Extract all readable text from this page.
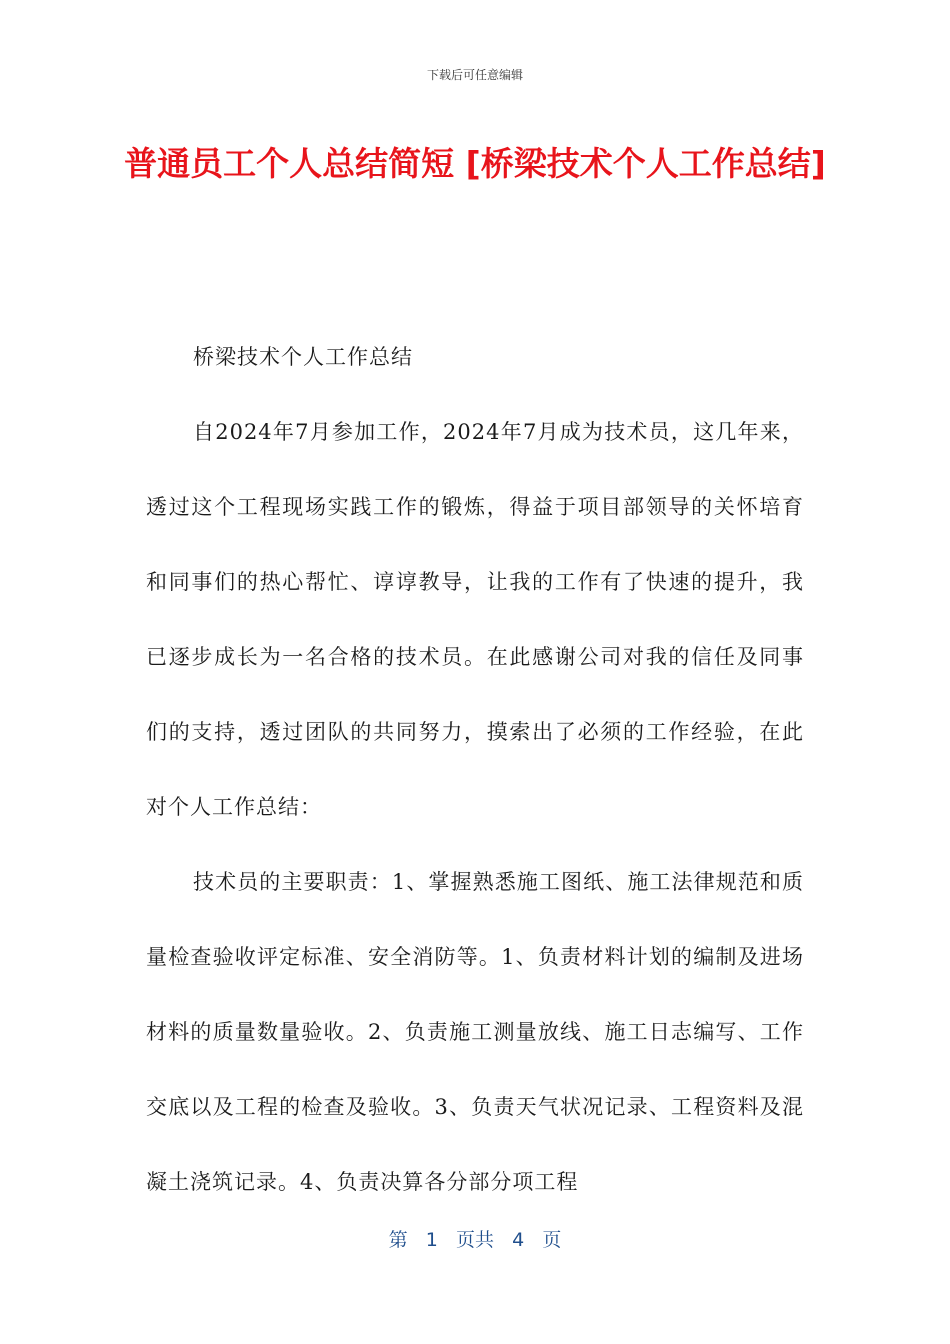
下载后可任意编辑
普通员工个人总结简短 [桥梁技术个人工作总结]

桥梁技术个人工作总结

自2024年7月参加工作，2024年7月成为技术员，这几年来，透过这个工程现场实践工作的锻炼，得益于项目部领导的关怀培育和同事们的热心帮忙、谆谆教导，让我的工作有了快速的提升，我已逐步成长为一名合格的技术员。在此感谢公司对我的信任及同事们的支持，透过团队的共同努力，摸索出了必须的工作经验，在此对个人工作总结：

技术员的主要职责：1、掌握熟悉施工图纸、施工法律规范和质量检查验收评定标准、安全消防等。1、负责材料计划的编制及进场材料的质量数量验收。2、负责施工测量放线、施工日志编写、工作交底以及工程的检查及验收。3、负责天气状况记录、工程资料及混凝土浇筑记录。4、负责决算各分部分项工程

第 1 页共 4 页
